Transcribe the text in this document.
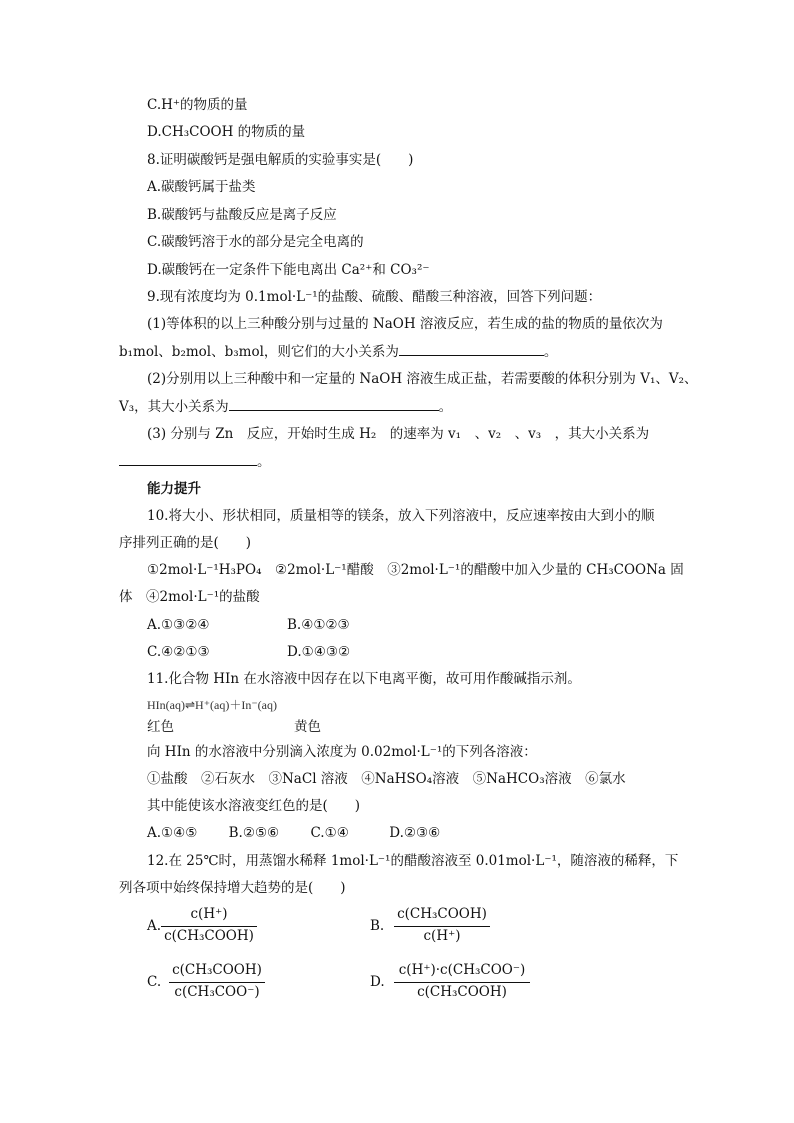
C.H⁺的物质的量
D.CH₃COOH 的物质的量
8.证明碳酸钙是强电解质的实验事实是(　　)
A.碳酸钙属于盐类
B.碳酸钙与盐酸反应是离子反应
C.碳酸钙溶于水的部分是完全电离的
D.碳酸钙在一定条件下能电离出 Ca²⁺和 CO₃²⁻
9.现有浓度均为 0.1mol·L⁻¹的盐酸、硫酸、醋酸三种溶液，回答下列问题：
(1)等体积的以上三种酸分别与过量的 NaOH 溶液反应，若生成的盐的物质的量依次为
b₁mol、b₂mol、b₃mol，则它们的大小关系为	。
(2)分别用以上三种酸中和一定量的 NaOH 溶液生成正盐，若需要酸的体积分别为 V₁、V₂、
V₃，其大小关系为	。
(3) 分别与 Zn　反应，开始时生成 H₂　的速率为 v₁　、v₂　、v₃　，其大小关系为
。
能力提升
10.将大小、形状相同，质量相等的镁条，放入下列溶液中，反应速率按由大到小的顺
序排列正确的是(　　)
①2mol·L⁻¹H₃PO₄　②2mol·L⁻¹醋酸　③2mol·L⁻¹的醋酸中加入少量的 CH₃COONa 固
体　④2mol·L⁻¹的盐酸
A.①③②④	B.④①②③
C.④②①③	D.①④③②
11.化合物 HIn 在水溶液中因存在以下电离平衡，故可用作酸碱指示剂。
HIn(aq)⇌H⁺(aq)＋In⁻(aq)
红色	黄色
向 HIn 的水溶液中分别滴入浓度为 0.02mol·L⁻¹的下列各溶液：
①盐酸　②石灰水　③NaCl 溶液　④NaHSO₄溶液　⑤NaHCO₃溶液　⑥氯水
其中能使该水溶液变红色的是(　　)
A.①④⑤　　 B.②⑤⑥　　 C.①④　　　D.②③⑥
12.在 25℃时，用蒸馏水稀释 1mol·L⁻¹的醋酸溶液至 0.01mol·L⁻¹，随溶液的稀释，下
列各项中始终保持增大趋势的是(　　)
A.
c(H⁺)
c(CH₃COOH)
B.
c(CH₃COOH)
c(H⁺)
C.
c(CH₃COOH)
c(CH₃COO⁻)
D.
c(H⁺)·c(CH₃COO⁻)
c(CH₃COOH)
